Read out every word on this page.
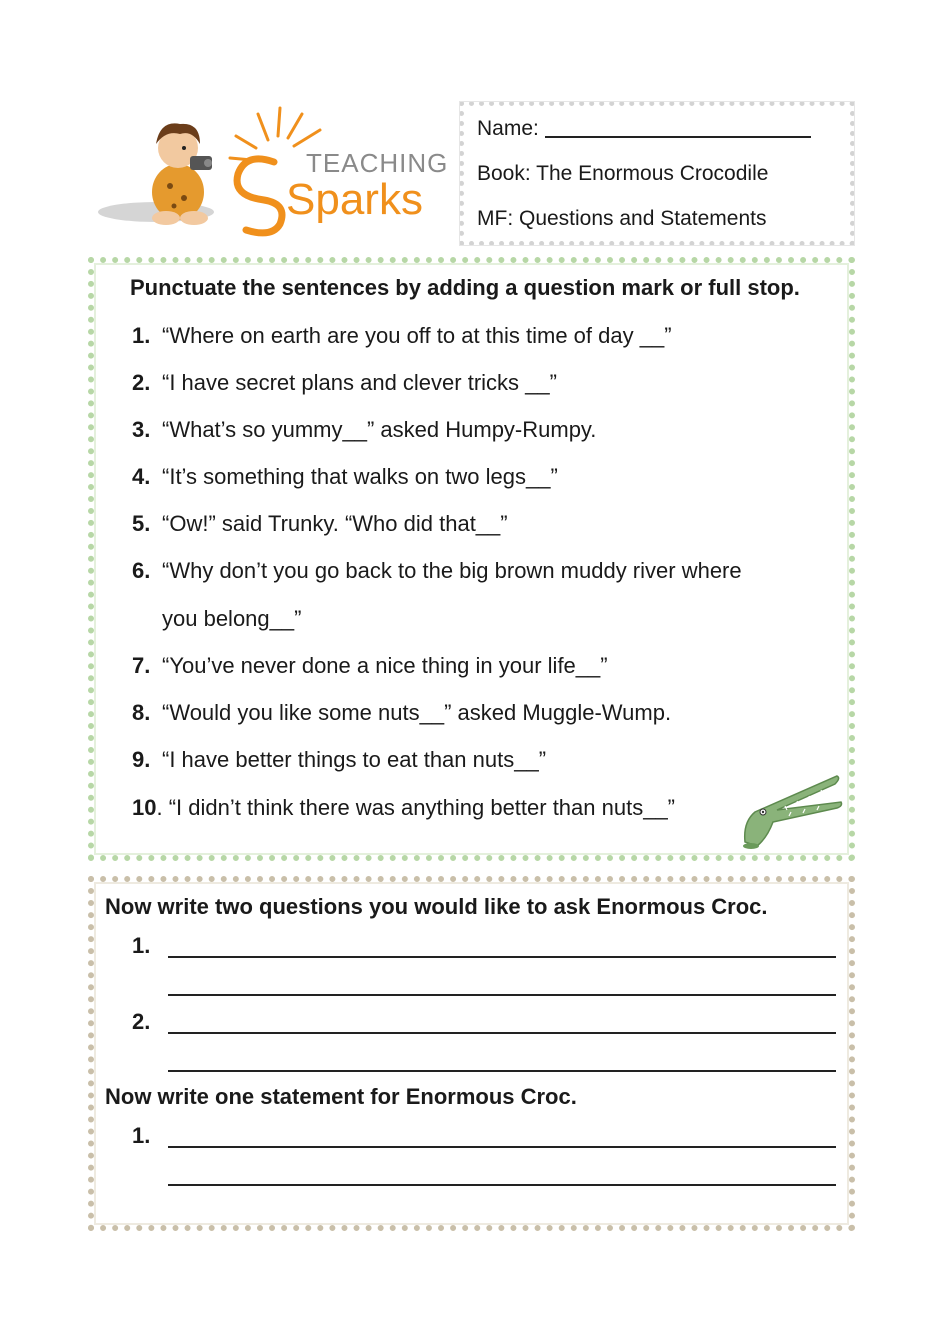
TEACHING
Sparks
Name:
Book: The Enormous Crocodile
MF: Questions and Statements
Punctuate the sentences by adding a question mark or full stop.
1. “Where on earth are you off to at this time of day __”
2. “I have secret plans and clever tricks __”
3. “What’s so yummy__” asked Humpy-Rumpy.
4. “It’s something that walks on two legs__”
5. “Ow!” said Trunky. “Who did that__”
6. “Why don’t you go back to the big brown muddy river where
you belong__”
7. “You’ve never done a nice thing in your life__”
8. “Would you like some nuts__” asked Muggle-Wump.
9. “I have better things to eat than nuts__”
10. “I didn’t think there was anything better than nuts__”
Now write two questions you would like to ask Enormous Croc.
1.
2.
Now write one statement for Enormous Croc.
1.
